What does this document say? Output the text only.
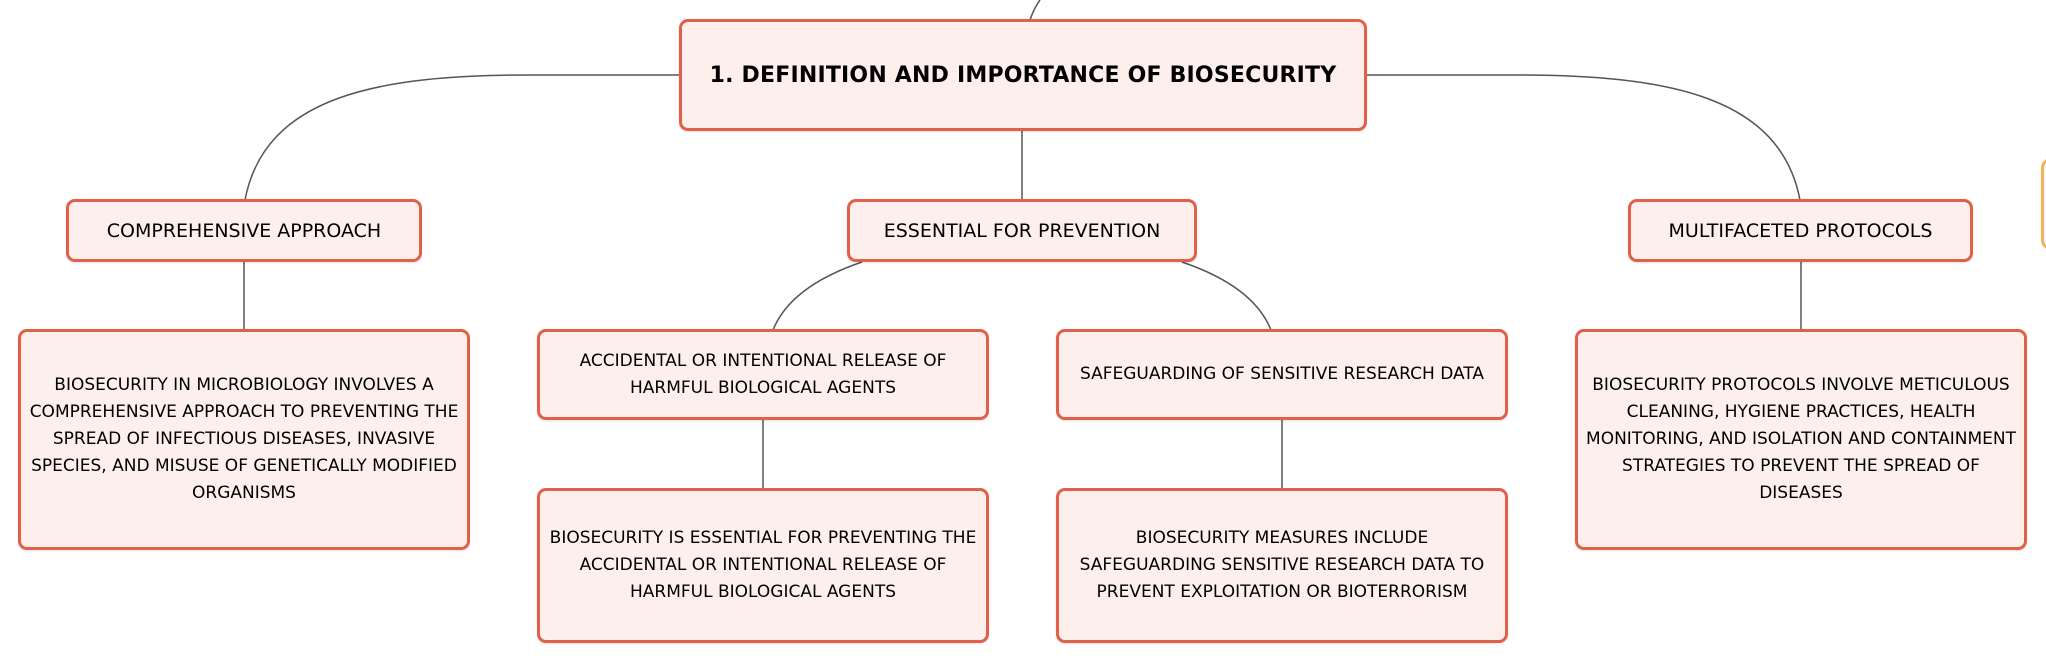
1. DEFINITION AND IMPORTANCE OF BIOSECURITY
COMPREHENSIVE APPROACH	ESSENTIAL FOR PREVENTION	MULTIFACETED PROTOCOLS
BIOSECURITY IN MICROBIOLOGY INVOLVES A COMPREHENSIVE APPROACH TO PREVENTING THE SPREAD OF INFECTIOUS DISEASES, INVASIVE SPECIES, AND MISUSE OF GENETICALLY MODIFIED ORGANISMS
ACCIDENTAL OR INTENTIONAL RELEASE OF HARMFUL BIOLOGICAL AGENTS
SAFEGUARDING OF SENSITIVE RESEARCH DATA
BIOSECURITY PROTOCOLS INVOLVE METICULOUS CLEANING, HYGIENE PRACTICES, HEALTH MONITORING, AND ISOLATION AND CONTAINMENT STRATEGIES TO PREVENT THE SPREAD OF DISEASES
BIOSECURITY IS ESSENTIAL FOR PREVENTING THE ACCIDENTAL OR INTENTIONAL RELEASE OF HARMFUL BIOLOGICAL AGENTS
BIOSECURITY MEASURES INCLUDE SAFEGUARDING SENSITIVE RESEARCH DATA TO PREVENT EXPLOITATION OR BIOTERRORISM
